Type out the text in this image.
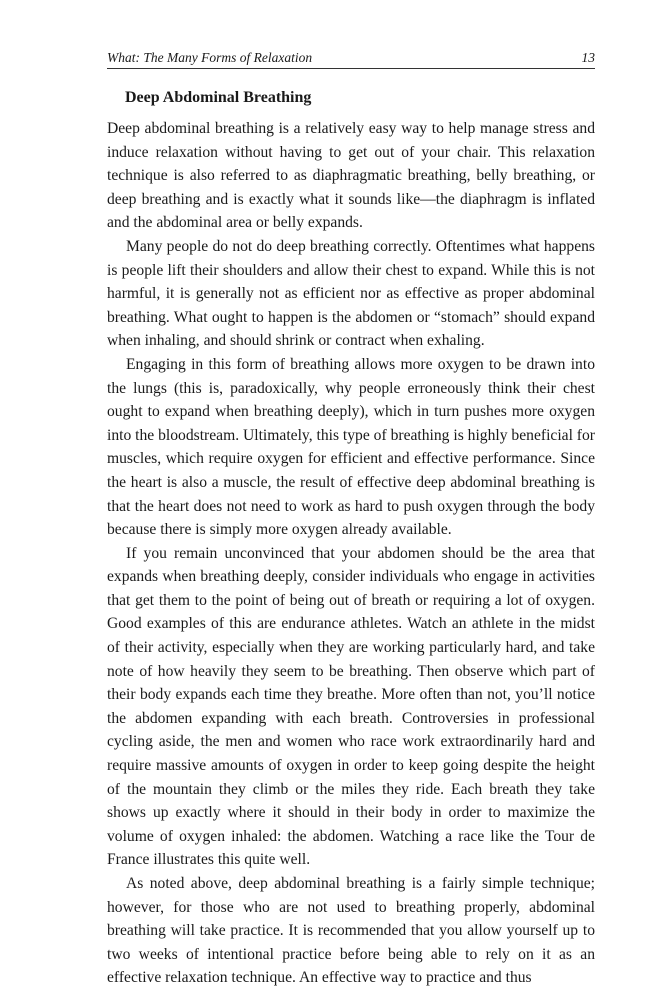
What: The Many Forms of Relaxation	13
Deep Abdominal Breathing

Deep abdominal breathing is a relatively easy way to help manage stress and induce relaxation without having to get out of your chair. This relaxation technique is also referred to as diaphragmatic breathing, belly breathing, or deep breathing and is exactly what it sounds like—the diaphragm is inflated and the abdominal area or belly expands.

Many people do not do deep breathing correctly. Oftentimes what happens is people lift their shoulders and allow their chest to expand. While this is not harmful, it is generally not as efficient nor as effective as proper abdominal breathing. What ought to happen is the abdomen or “stomach” should expand when inhaling, and should shrink or contract when exhaling.

Engaging in this form of breathing allows more oxygen to be drawn into the lungs (this is, paradoxically, why people erroneously think their chest ought to expand when breathing deeply), which in turn pushes more oxygen into the bloodstream. Ultimately, this type of breathing is highly beneficial for muscles, which require oxygen for efficient and effective performance. Since the heart is also a muscle, the result of effective deep abdominal breathing is that the heart does not need to work as hard to push oxygen through the body because there is simply more oxygen already available.

If you remain unconvinced that your abdomen should be the area that expands when breathing deeply, consider individuals who engage in activities that get them to the point of being out of breath or requiring a lot of oxygen. Good examples of this are endurance athletes. Watch an athlete in the midst of their activity, especially when they are working particularly hard, and take note of how heavily they seem to be breathing. Then observe which part of their body expands each time they breathe. More often than not, you’ll notice the abdomen expanding with each breath. Controversies in professional cycling aside, the men and women who race work extraordinarily hard and require massive amounts of oxygen in order to keep going despite the height of the mountain they climb or the miles they ride. Each breath they take shows up exactly where it should in their body in order to maximize the volume of oxygen inhaled: the abdomen. Watching a race like the Tour de France illustrates this quite well.

As noted above, deep abdominal breathing is a fairly simple technique; however, for those who are not used to breathing properly, abdominal breathing will take practice. It is recommended that you allow yourself up to two weeks of intentional practice before being able to rely on it as an effective relaxation technique. An effective way to practice and thus
